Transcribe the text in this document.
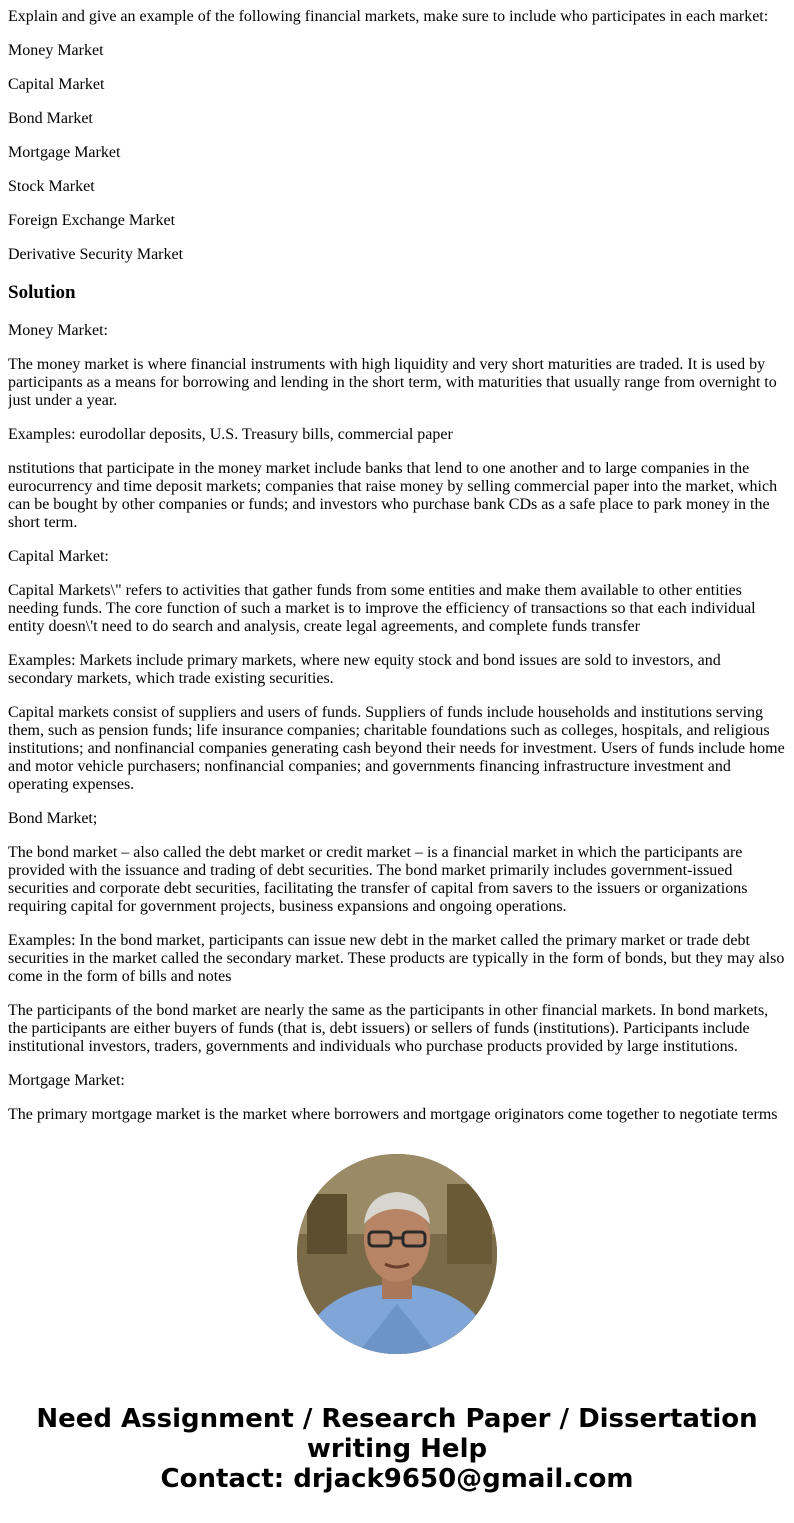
Explain and give an example of the following financial markets, make sure to include who participates in each market:

Money Market

Capital Market

Bond Market

Mortgage Market

Stock Market

Foreign Exchange Market

Derivative Security Market

Solution

Money Market:

The money market is where financial instruments with high liquidity and very short maturities are traded. It is used by participants as a means for borrowing and lending in the short term, with maturities that usually range from overnight to just under a year.

Examples: eurodollar deposits, U.S. Treasury bills, commercial paper

nstitutions that participate in the money market include banks that lend to one another and to large companies in the eurocurrency and time deposit markets; companies that raise money by selling commercial paper into the market, which can be bought by other companies or funds; and investors who purchase bank CDs as a safe place to park money in the short term.

Capital Market:

Capital Markets\" refers to activities that gather funds from some entities and make them available to other entities needing funds. The core function of such a market is to improve the efficiency of transactions so that each individual entity doesn\'t need to do search and analysis, create legal agreements, and complete funds transfer

Examples: Markets include primary markets, where new equity stock and bond issues are sold to investors, and secondary markets, which trade existing securities.

Capital markets consist of suppliers and users of funds. Suppliers of funds include households and institutions serving them, such as pension funds; life insurance companies; charitable foundations such as colleges, hospitals, and religious institutions; and nonfinancial companies generating cash beyond their needs for investment. Users of funds include home and motor vehicle purchasers; nonfinancial companies; and governments financing infrastructure investment and operating expenses.

Bond Market;

The bond market – also called the debt market or credit market – is a financial market in which the participants are provided with the issuance and trading of debt securities. The bond market primarily includes government-issued securities and corporate debt securities, facilitating the transfer of capital from savers to the issuers or organizations requiring capital for government projects, business expansions and ongoing operations.

Examples: In the bond market, participants can issue new debt in the market called the primary market or trade debt securities in the market called the secondary market. These products are typically in the form of bonds, but they may also come in the form of bills and notes

The participants of the bond market are nearly the same as the participants in other financial markets. In bond markets, the participants are either buyers of funds (that is, debt issuers) or sellers of funds (institutions). Participants include institutional investors, traders, governments and individuals who purchase products provided by large institutions.

Mortgage Market:

The primary mortgage market is the market where borrowers and mortgage originators come together to negotiate terms

Need Assignment / Research Paper / Dissertation
writing Help
Contact: drjack9650@gmail.com
